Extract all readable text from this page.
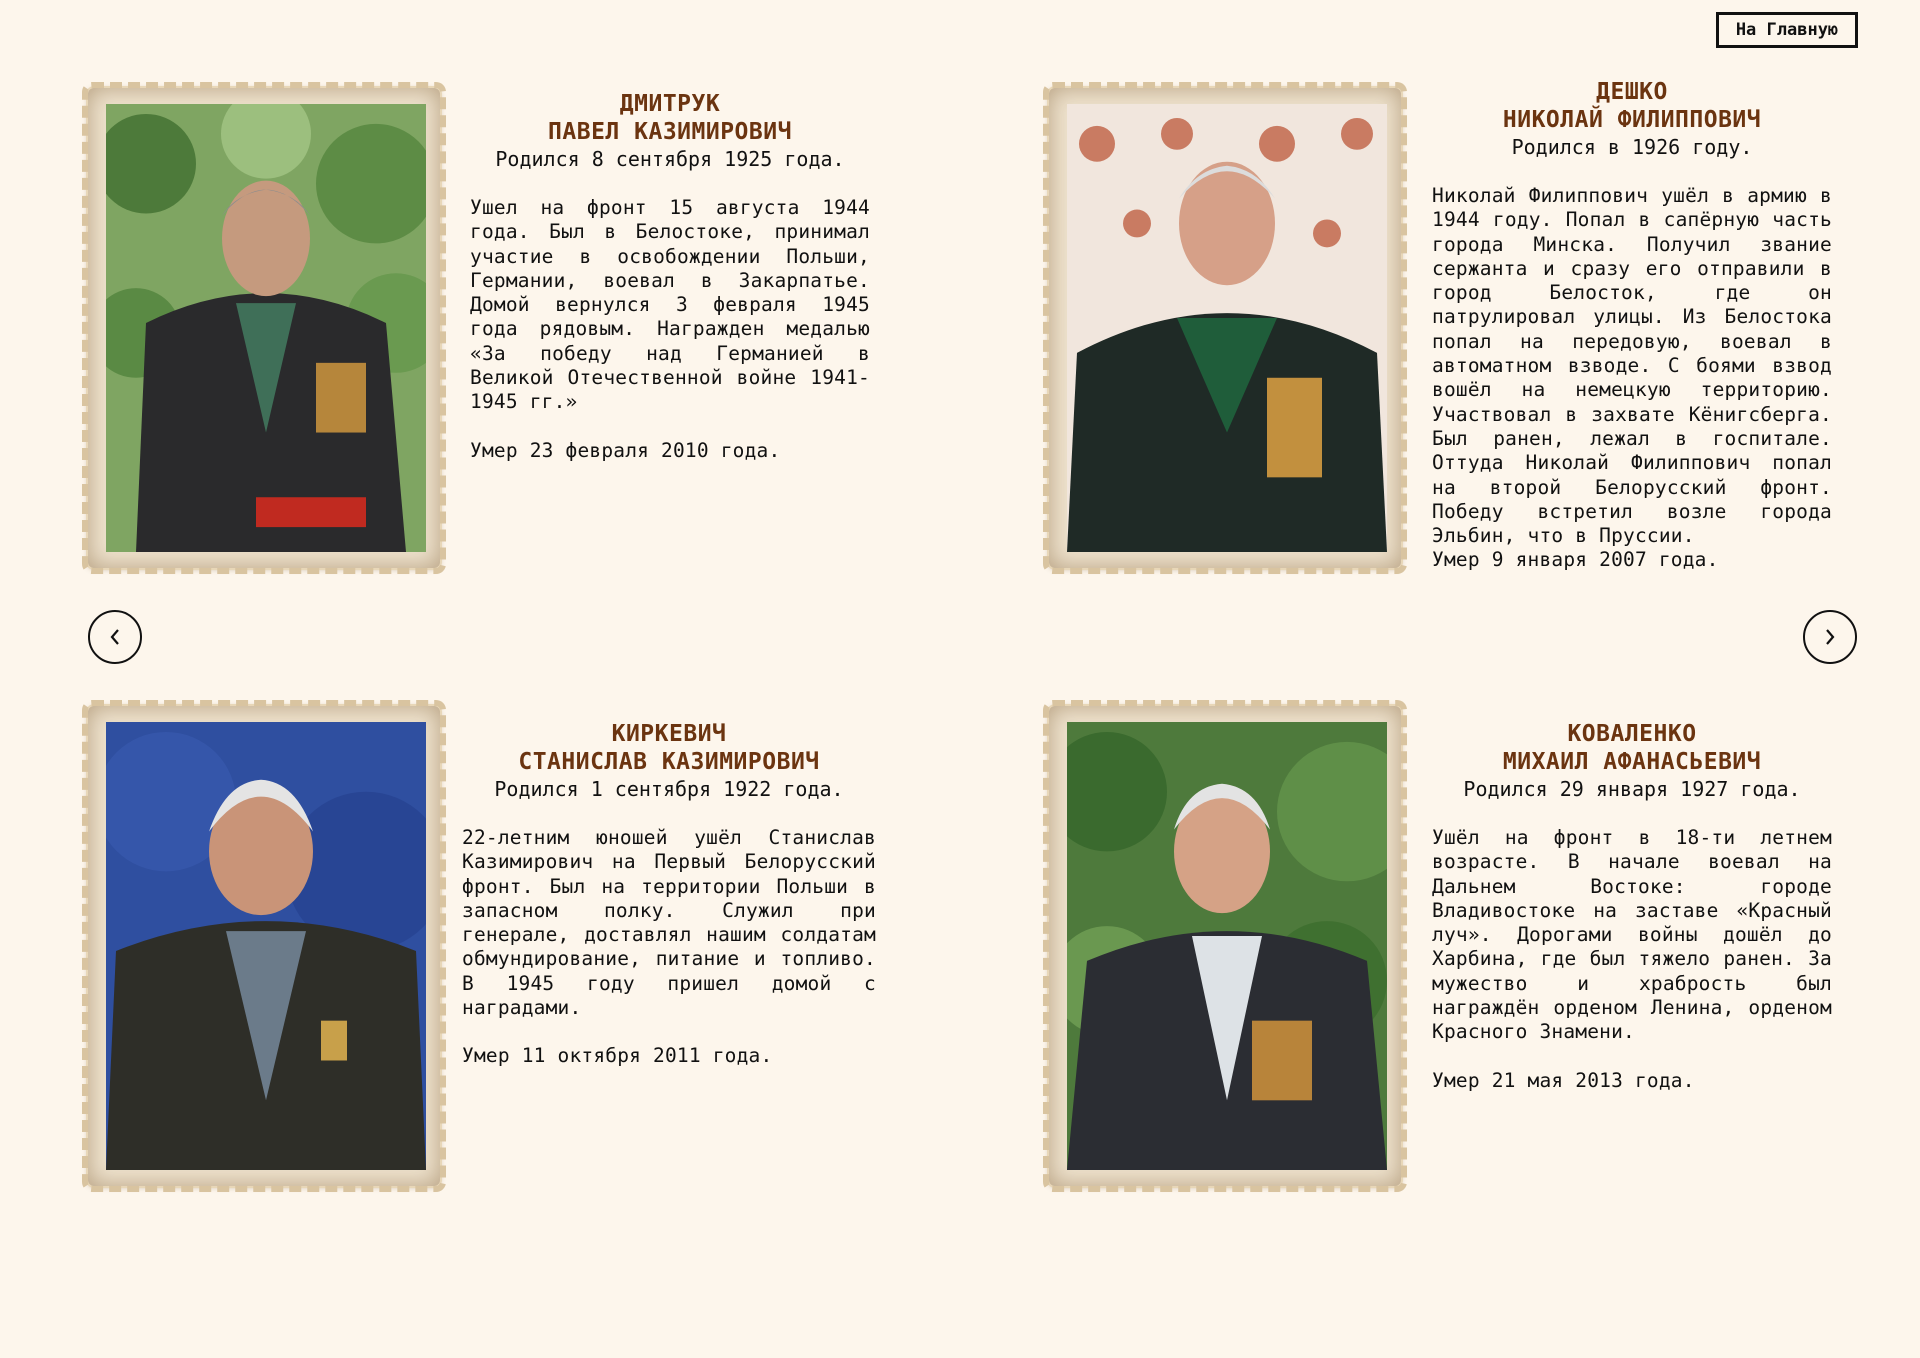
На Главную

ДМИТРУК

ПАВЕЛ КАЗИМИРОВИЧ

Родился 8 сентября 1925 года.

Ушел на фронт 15 августа 1944 года. Был в Белостоке, принимал участие в освобождении Польши, Германии, воевал в Закарпатье. Домой вернулся 3 февраля 1945 года рядовым. Награжден медалью «За победу над Германией в Великой Отечественной войне 1941-1945 гг.»

Умер 23 февраля 2010 года.

ДЕШКО

НИКОЛАЙ ФИЛИППОВИЧ

Родился в 1926 году.

Николай Филиппович ушёл в армию в 1944 году. Попал в сапёрную часть города Минска. Получил звание сержанта и сразу его отправили в город Белосток, где он патрулировал улицы. Из Белостока попал на передовую, воевал в автоматном взводе. С боями взвод вошёл на немецкую территорию. Участвовал в захвате Кёнигсберга. Был ранен, лежал в госпитале. Оттуда Николай Филиппович попал на второй Белорусский фронт. Победу встретил возле города Эльбин, что в Пруссии.

Умер 9 января 2007 года.

КИРКЕВИЧ

СТАНИСЛАВ КАЗИМИРОВИЧ

Родился 1 сентября 1922 года.

22-летним юношей ушёл Станислав Казимирович на Первый Белорусский фронт. Был на территории Польши в запасном полку. Служил при генерале, доставлял нашим солдатам обмундирование, питание и топливо. В 1945 году пришел домой с наградами.

Умер 11 октября 2011 года.

КОВАЛЕНКО

МИХАИЛ АФАНАСЬЕВИЧ

Родился 29 января 1927 года.

Ушёл на фронт в 18-ти летнем возрасте. В начале воевал на Дальнем Востоке: городе Владивостоке на заставе «Красный луч». Дорогами войны дошёл до Харбина, где был тяжело ранен. За мужество и храбрость был награждён орденом Ленина, орденом Красного Знамени.

Умер 21 мая 2013 года.
